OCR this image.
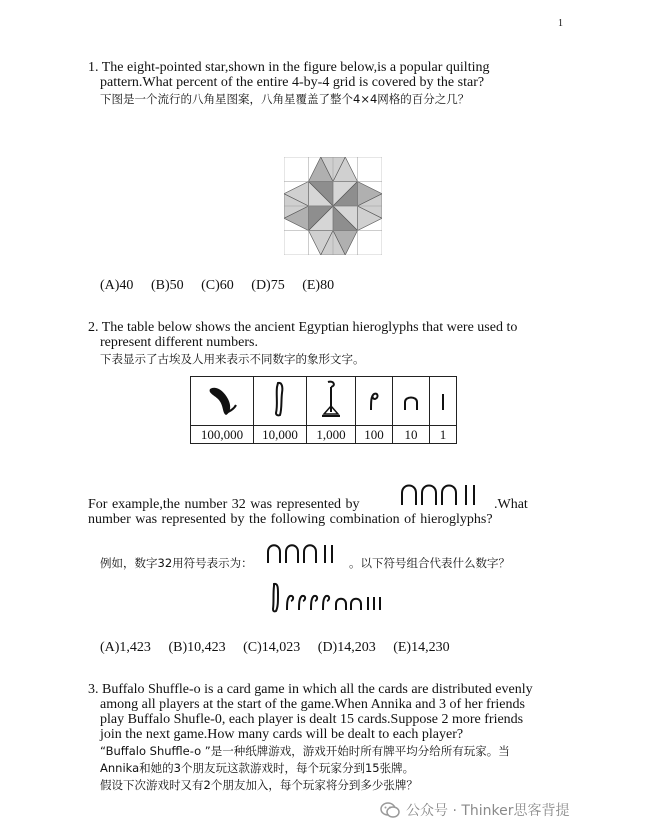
1

1. The eight-pointed star,shown in the figure below,is a popular quilting

pattern.What percent of the entire 4-by-4 grid is covered by the star?

下图是一个流行的八角星图案，八角星覆盖了整个4×4网格的百分之几？

(A)40 (B)50 (C)60 (D)75 (E)80

2. The table below shows the ancient Egyptian hieroglyphs that were used to

represent different numbers.

下表显示了古埃及人用来表示不同数字的象形文字。

100,000	10,000	1,000	100	10	1

For example,the number 32 was represented by	.What

number was represented by the following combination of hieroglyphs?

例如，数字32用符号表示为：	。以下符号组合代表什么数字？

(A)1,423 (B)10,423 (C)14,023 (D)14,203 (E)14,230

3. Buffalo Shuffle-o is a card game in which all the cards are distributed evenly

among all players at the start of the game.When Annika and 3 of her friends

play Buffalo Shufle-0, each player is dealt 15 cards.Suppose 2 more friends

join the next game.How many cards will be dealt to each player?

“Buffalo Shuffle-o ”是一种纸牌游戏，游戏开始时所有牌平均分给所有玩家。当

Annika和她的3个朋友玩这款游戏时，每个玩家分到15张牌。

假设下次游戏时又有2个朋友加入，每个玩家将分到多少张牌？

公众号 · Thinker思客背提
